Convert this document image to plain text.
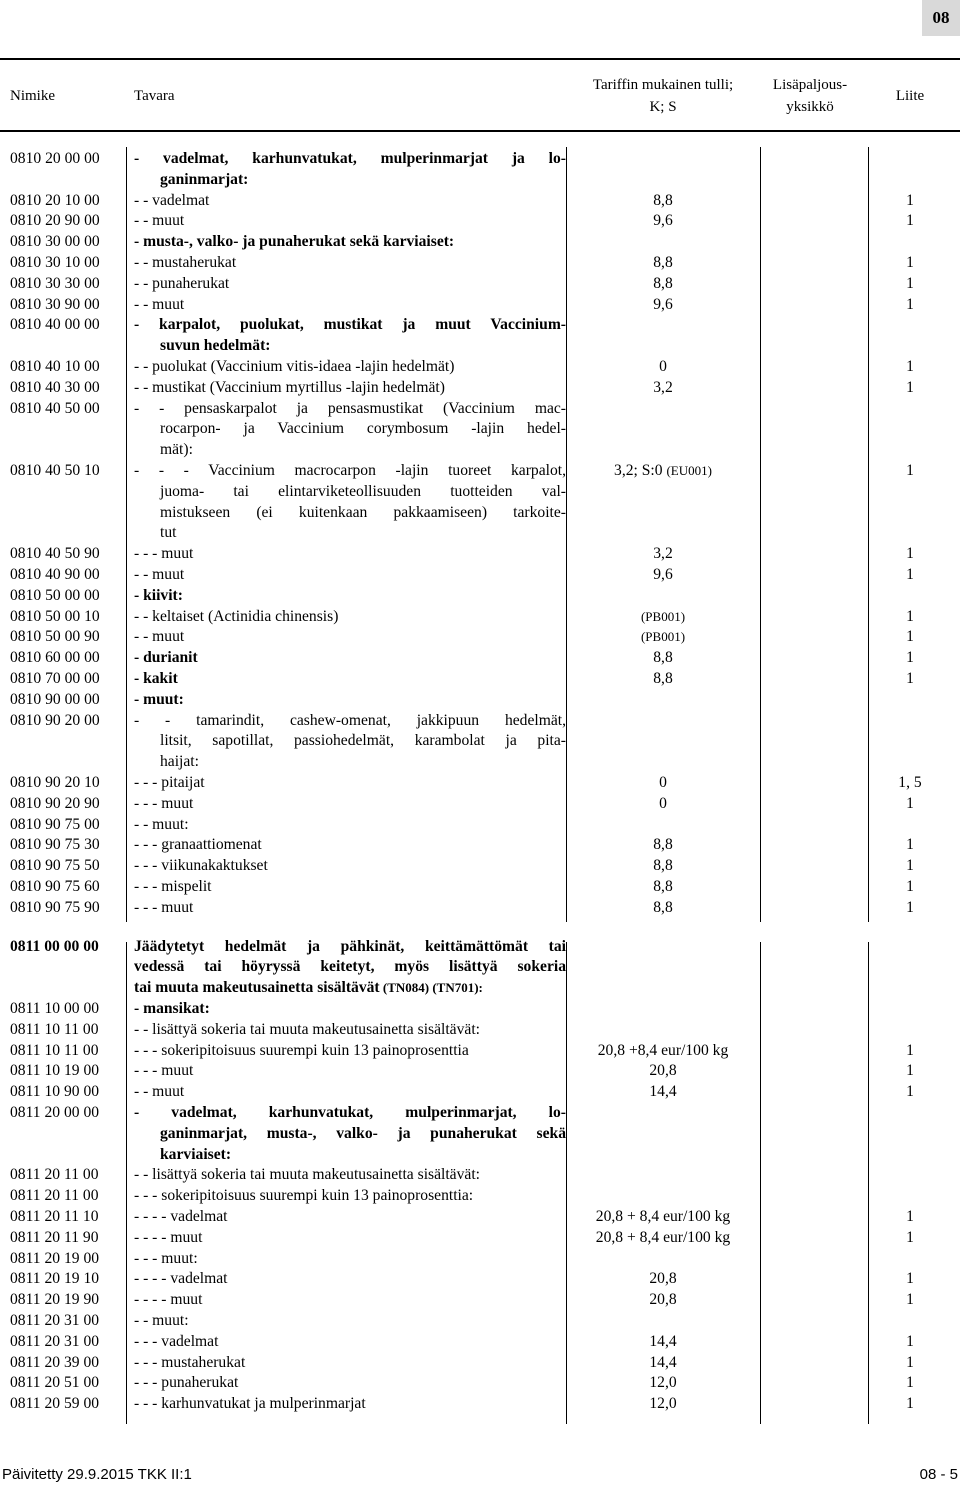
08
Nimike	Tavara
Tariffin mukainen tulli;
K; S
Lisäpaljous-
yksikkö
Liite
0810 20 00 00 - vadelmat, karhunvatukat, mulperinmarjat ja lo-
ganinmarjat:
0810 20 10 00 - - vadelmat	8,8	1
0810 20 90 00 - - muut	9,6	1
0810 30 00 00 - musta-, valko- ja punaherukat sekä karviaiset:
0810 30 10 00 - - mustaherukat	8,8	1
0810 30 30 00 - - punaherukat	8,8	1
0810 30 90 00 - - muut	9,6	1
0810 40 00 00 - karpalot, puolukat, mustikat ja muut Vaccinium-
suvun hedelmät:
0810 40 10 00 - - puolukat (Vaccinium vitis-idaea -lajin hedelmät)	0	1
0810 40 30 00 - - mustikat (Vaccinium myrtillus -lajin hedelmät)	3,2	1
0810 40 50 00 - - pensaskarpalot ja pensasmustikat (Vaccinium mac-
rocarpon- ja Vaccinium corymbosum -lajin hedel-
mät):
0810 40 50 10 - - - Vaccinium macrocarpon -lajin tuoreet karpalot,
juoma- tai elintarviketeollisuuden tuotteiden val-
mistukseen (ei kuitenkaan pakkaamiseen) tarkoite-
tut
3,2; S:0 (EU001)	1
0810 40 50 90 - - - muut	3,2	1
0810 40 90 00 - - muut	9,6	1
0810 50 00 00 - kiivit:
0810 50 00 10 - - keltaiset (Actinidia chinensis)	(PB001)	1
0810 50 00 90 - - muut	(PB001)	1
0810 60 00 00 - durianit	8,8	1
0810 70 00 00 - kakit	8,8	1
0810 90 00 00 - muut:
0810 90 20 00 - - tamarindit, cashew-omenat, jakkipuun hedelmät,
litsit, sapotillat, passiohedelmät, karambolat ja pita-
haijat:
0810 90 20 10 - - - pitaijat	0	1, 5
0810 90 20 90 - - - muut	0	1
0810 90 75 00 - - muut:
0810 90 75 30 - - - granaattiomenat	8,8	1
0810 90 75 50 - - - viikunakaktukset	8,8	1
0810 90 75 60 - - - mispelit	8,8	1
0810 90 75 90 - - - muut	8,8	1
0811 00 00 00 Jäädytetyt hedelmät ja pähkinät, keittämättömät tai
vedessä tai höyryssä keitetyt, myös lisättyä sokeria
tai muuta makeutusainetta sisältävät (TN084) (TN701):
0811 10 00 00 - mansikat:
0811 10 11 00 - - lisättyä sokeria tai muuta makeutusainetta sisältävät:
0811 10 11 00 - - - sokeripitoisuus suurempi kuin 13 painoprosenttia	20,8 +8,4 eur/100 kg	1
0811 10 19 00 - - - muut	20,8	1
0811 10 90 00 - - muut	14,4	1
0811 20 00 00 - vadelmat, karhunvatukat, mulperinmarjat, lo-
ganinmarjat, musta-, valko- ja punaherukat sekä
karviaiset:
0811 20 11 00 - - lisättyä sokeria tai muuta makeutusainetta sisältävät:
0811 20 11 00 - - - sokeripitoisuus suurempi kuin 13 painoprosenttia:
0811 20 11 10 - - - - vadelmat	20,8 + 8,4 eur/100 kg	1
0811 20 11 90 - - - - muut	20,8 + 8,4 eur/100 kg	1
0811 20 19 00 - - - muut:
0811 20 19 10 - - - - vadelmat	20,8	1
0811 20 19 90 - - - - muut	20,8	1
0811 20 31 00 - - muut:
0811 20 31 00 - - - vadelmat	14,4	1
0811 20 39 00 - - - mustaherukat	14,4	1
0811 20 51 00 - - - punaherukat	12,0	1
0811 20 59 00 - - - karhunvatukat ja mulperinmarjat	12,0	1
Päivitetty 29.9.2015 TKK II:1	08 - 5
